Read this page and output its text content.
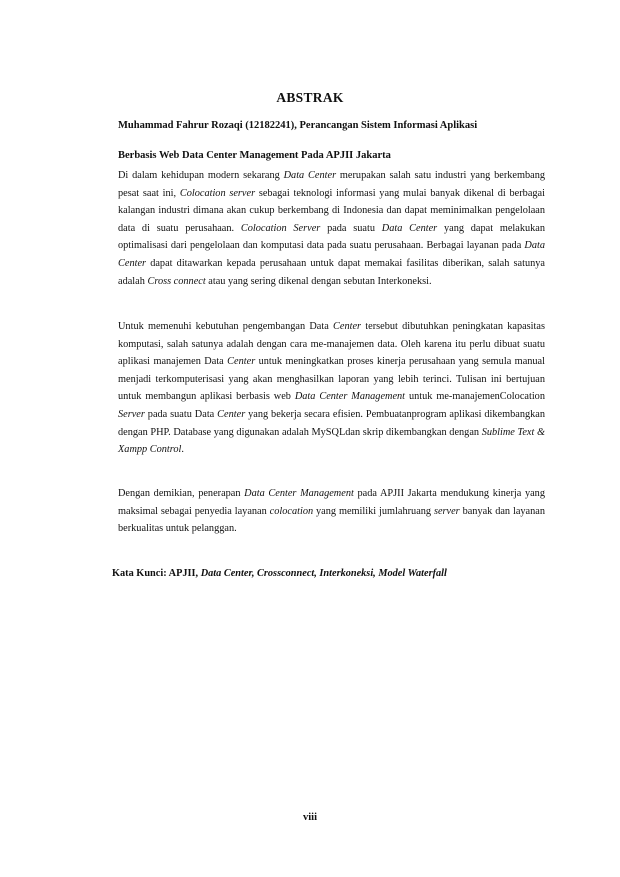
ABSTRAK
Muhammad Fahrur Rozaqi (12182241), Perancangan Sistem Informasi Aplikasi
Berbasis Web Data Center Management Pada APJII Jakarta
Di dalam kehidupan modern sekarang Data Center merupakan salah satu industri yang berkembang pesat saat ini, Colocation server sebagai teknologi informasi yang mulai banyak dikenal di berbagai kalangan industri dimana akan cukup berkembang di Indonesia dan dapat meminimalkan pengelolaan data di suatu perusahaan. Colocation Server pada suatu Data Center yang dapat melakukan optimalisasi dari pengelolaan dan komputasi data pada suatu perusahaan. Berbagai layanan pada Data Center dapat ditawarkan kepada perusahaan untuk dapat memakai fasilitas diberikan, salah satunya adalah Cross connect atau yang sering dikenal dengan sebutan Interkoneksi.
Untuk memenuhi kebutuhan pengembangan Data Center tersebut dibutuhkan peningkatan kapasitas komputasi, salah satunya adalah dengan cara me-manajemen data. Oleh karena itu perlu dibuat suatu aplikasi manajemen Data Center untuk meningkatkan proses kinerja perusahaan yang semula manual menjadi terkomputerisasi yang akan menghasilkan laporan yang lebih terinci. Tulisan ini bertujuan untuk membangun aplikasi berbasis web Data Center Management untuk me-manajemenColocation Server pada suatu Data Center yang bekerja secara efisien. Pembuatanprogram aplikasi dikembangkan dengan PHP. Database yang digunakan adalah MySQLdan skrip dikembangkan dengan Sublime Text & Xampp Control.
Dengan demikian, penerapan Data Center Management pada APJII Jakarta mendukung kinerja yang maksimal sebagai penyedia layanan colocation yang memiliki jumlahruang server banyak dan layanan berkualitas untuk pelanggan.
Kata Kunci: APJII, Data Center, Crossconnect, Interkoneksi, Model Waterfall
viii
